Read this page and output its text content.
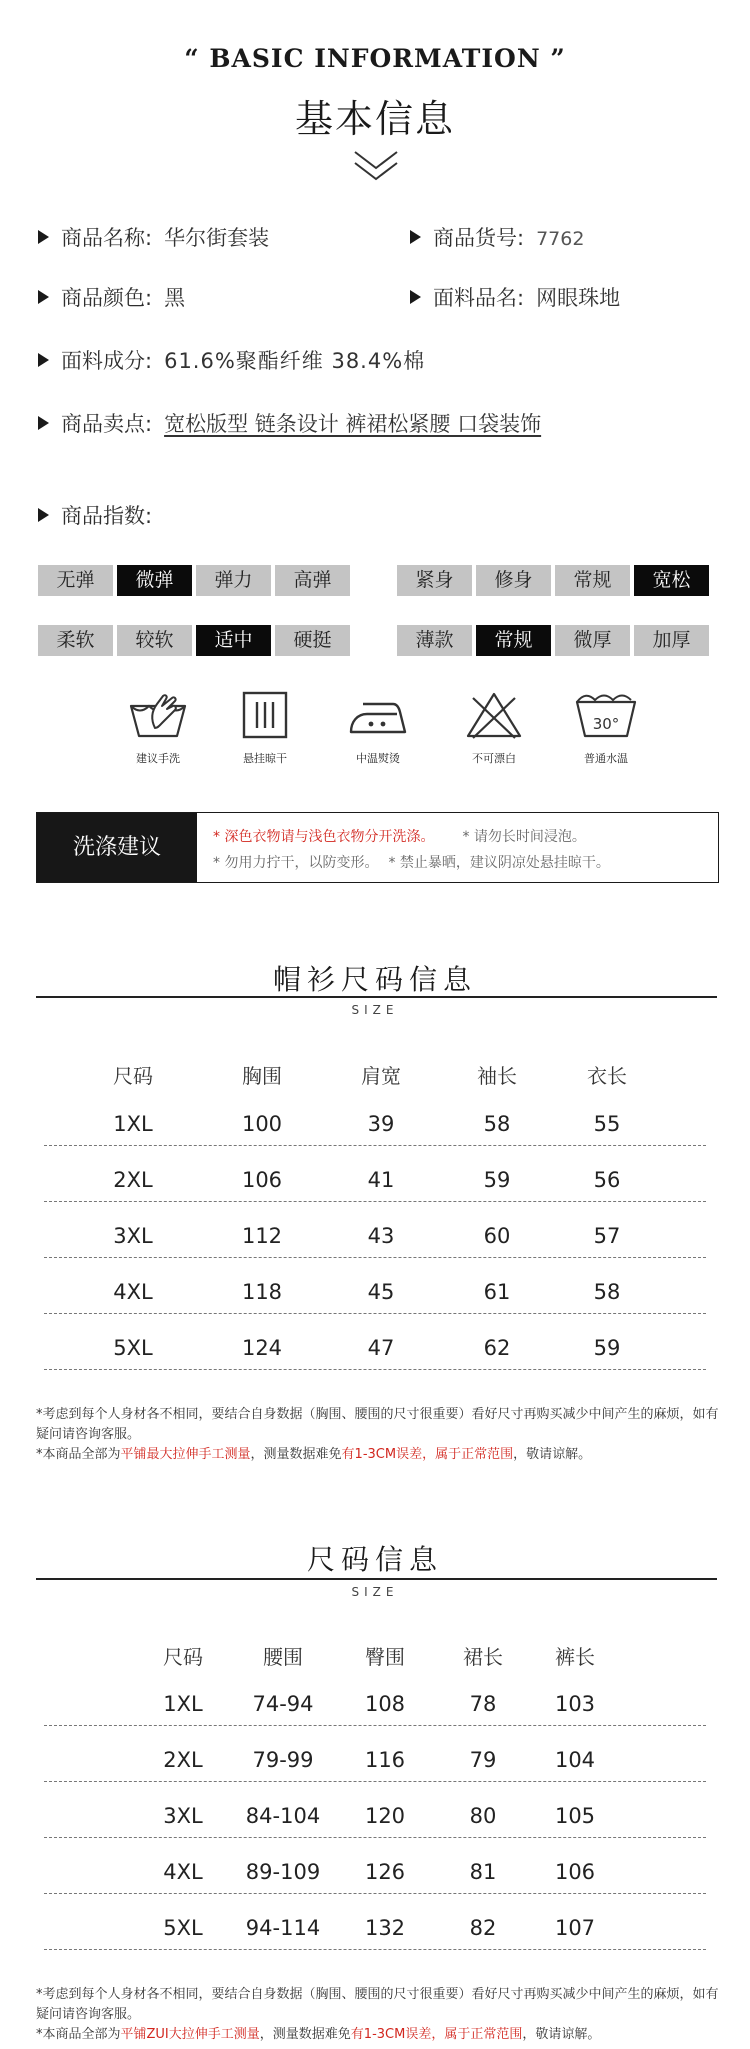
“ BASIC INFORMATION ”
基本信息
商品名称: 华尔街套装	商品货号: 7762
商品颜色: 黑	面料品名: 网眼珠地
面料成分: 61.6%聚酯纤维 38.4%棉
商品卖点: 宽松版型 链条设计 裤裙松紧腰 口袋装饰
商品指数:
无弹	微弹	弹力	高弹	紧身	修身	常规	宽松
柔软	较软	适中	硬挺	薄款	常规	微厚	加厚
建议手洗	悬挂晾干	中温熨烫	不可漂白
30°
普通水温
洗涤建议	* 深色衣物请与浅色衣物分开洗涤。 * 请勿长时间浸泡。
* 勿用力拧干，以防变形。 * 禁止暴晒，建议阴凉处悬挂晾干。
帽衫尺码信息
SIZE
尺码	胸围	肩宽	袖长	衣长
1XL	100	39	58	55
2XL	106	41	59	56
3XL	112	43	60	57
4XL	118	45	61	58
5XL	124	47	62	59
*考虑到每个人身材各不相同，要结合自身数据（胸围、腰围的尺寸很重要）看好尺寸再购买减少中间产生的麻烦，如有疑问请咨询客服。
*本商品全部为平铺最大拉伸手工测量，测量数据难免有1-3CM误差，属于正常范围，敬请谅解。
尺码信息
SIZE
尺码	腰围	臀围	裙长	裤长
1XL	74-94	108	78	103
2XL	79-99	116	79	104
3XL	84-104	120	80	105
4XL	89-109	126	81	106
5XL	94-114	132	82	107
*考虑到每个人身材各不相同，要结合自身数据（胸围、腰围的尺寸很重要）看好尺寸再购买减少中间产生的麻烦，如有疑问请咨询客服。
*本商品全部为平铺ZUI大拉伸手工测量，测量数据难免有1-3CM误差，属于正常范围，敬请谅解。
